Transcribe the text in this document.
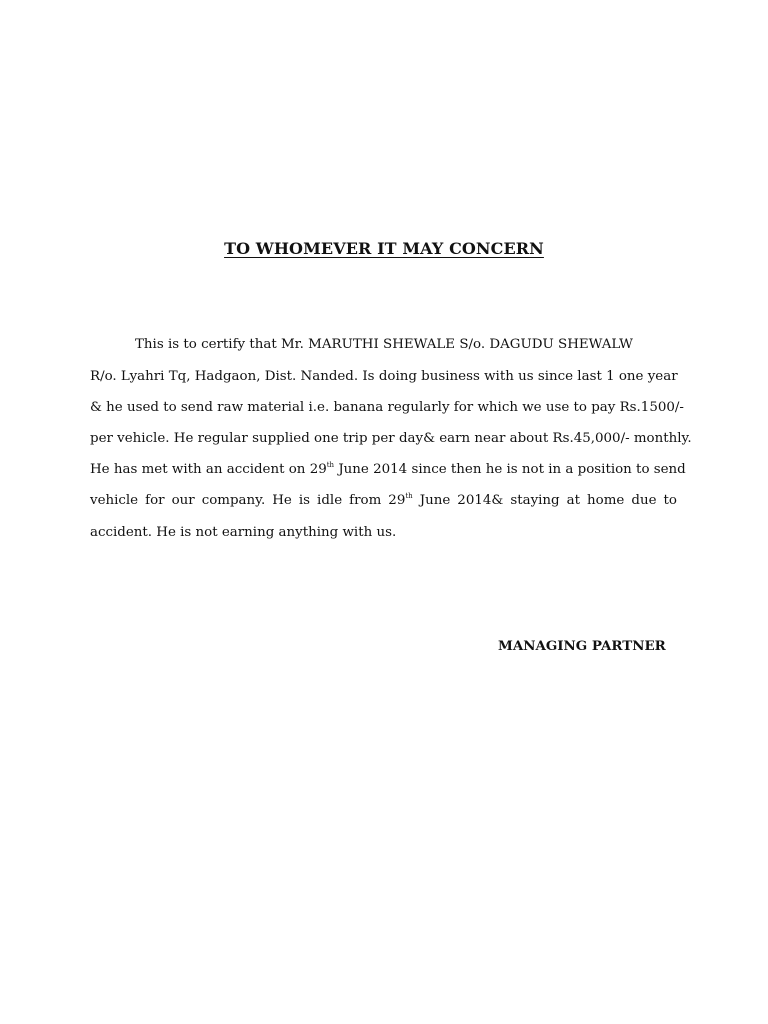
TO WHOMEVER IT MAY CONCERN
This is to certify that Mr. MARUTHI SHEWALE S/o. DAGUDU SHEWALW
R/o. Lyahri Tq, Hadgaon, Dist. Nanded. Is doing business with us since last 1 one year
& he used to send raw material i.e. banana regularly for which we use to pay Rs.1500/-
per vehicle. He regular supplied one trip per day& earn near about Rs.45,000/- monthly.
He has met with an accident on 29th June 2014 since then he is not in a position to send
vehicle for our company. He is idle from 29th June 2014& staying at home due to
accident. He is not earning anything with us.
MANAGING PARTNER
